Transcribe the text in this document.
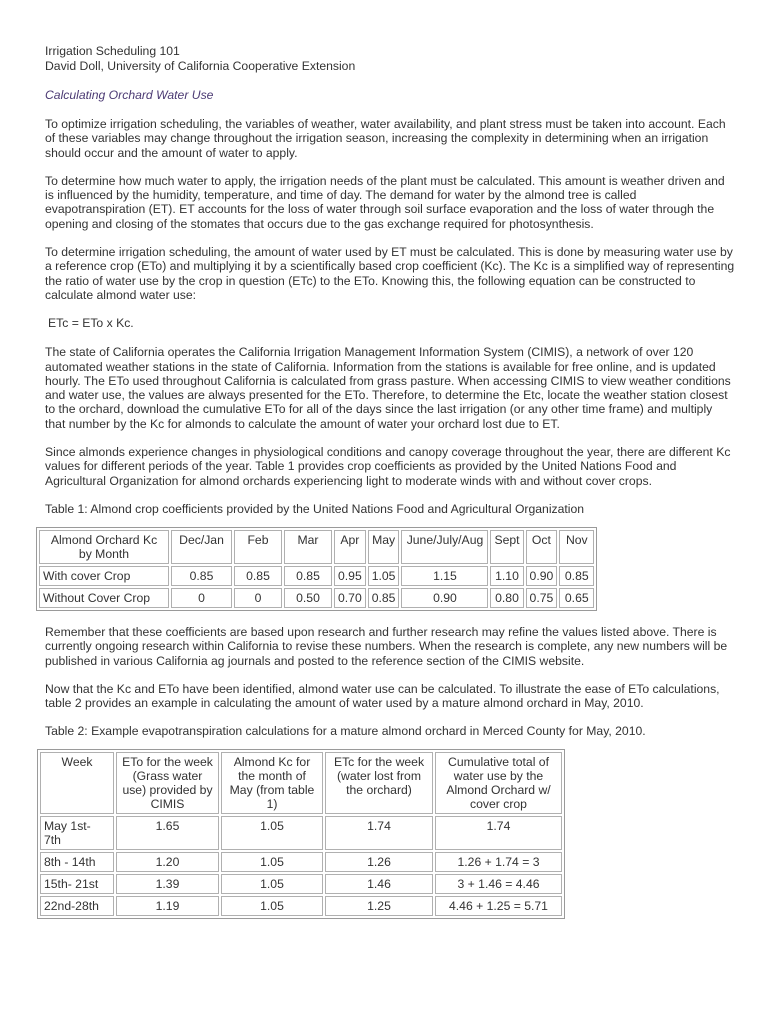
Irrigation Scheduling 101
David Doll, University of California Cooperative Extension
Calculating Orchard Water Use

To optimize irrigation scheduling, the variables of weather, water availability, and plant stress must be taken into account. Each of these variables may change throughout the irrigation season, increasing the complexity in determining when an irrigation should occur and the amount of water to apply.

To determine how much water to apply, the irrigation needs of the plant must be calculated. This amount is weather driven and is influenced by the humidity, temperature, and time of day. The demand for water by the almond tree is called evapotranspiration (ET). ET accounts for the loss of water through soil surface evaporation and the loss of water through the opening and closing of the stomates that occurs due to the gas exchange required for photosynthesis.

To determine irrigation scheduling, the amount of water used by ET must be calculated. This is done by measuring water use by a reference crop (ETo) and multiplying it by a scientifically based crop coefficient (Kc). The Kc is a simplified way of representing the ratio of water use by the crop in question (ETc) to the ETo. Knowing this, the following equation can be constructed to calculate almond water use:

ETc = ETo x Kc.

The state of California operates the California Irrigation Management Information System (CIMIS), a network of over 120 automated weather stations in the state of California. Information from the stations is available for free online, and is updated hourly. The ETo used throughout California is calculated from grass pasture. When accessing CIMIS to view weather conditions and water use, the values are always presented for the ETo. Therefore, to determine the Etc, locate the weather station closest to the orchard, download the cumulative ETo for all of the days since the last irrigation (or any other time frame) and multiply that number by the Kc for almonds to calculate the amount of water your orchard lost due to ET.

Since almonds experience changes in physiological conditions and canopy coverage throughout the year, there are different Kc values for different periods of the year. Table 1 provides crop coefficients as provided by the United Nations Food and Agricultural Organization for almond orchards experiencing light to moderate winds with and without cover crops.

Table 1: Almond crop coefficients provided by the United Nations Food and Agricultural Organization
Almond Orchard Kc by Month	Dec/Jan	Feb	Mar	Apr	May	June/July/Aug	Sept	Oct	Nov
With cover Crop	0.85	0.85	0.85	0.95	1.05	1.15	1.10	0.90	0.85
Without Cover Crop	0	0	0.50	0.70	0.85	0.90	0.80	0.75	0.65

Remember that these coefficients are based upon research and further research may refine the values listed above. There is currently ongoing research within California to revise these numbers. When the research is complete, any new numbers will be published in various California ag journals and posted to the reference section of the CIMIS website.

Now that the Kc and ETo have been identified, almond water use can be calculated. To illustrate the ease of ETo calculations, table 2 provides an example in calculating the amount of water used by a mature almond orchard in May, 2010.

Table 2: Example evapotranspiration calculations for a mature almond orchard in Merced County for May, 2010.
Week	ETo for the week (Grass water use) provided by CIMIS	Almond Kc for the month of May (from table 1)	ETc for the week (water lost from the orchard)	Cumulative total of water use by the Almond Orchard w/ cover crop
May 1st- 7th	1.65	1.05	1.74	1.74
8th - 14th	1.20	1.05	1.26	1.26 + 1.74 = 3
15th- 21st	1.39	1.05	1.46	3 + 1.46 = 4.46
22nd-28th	1.19	1.05	1.25	4.46 + 1.25 = 5.71
